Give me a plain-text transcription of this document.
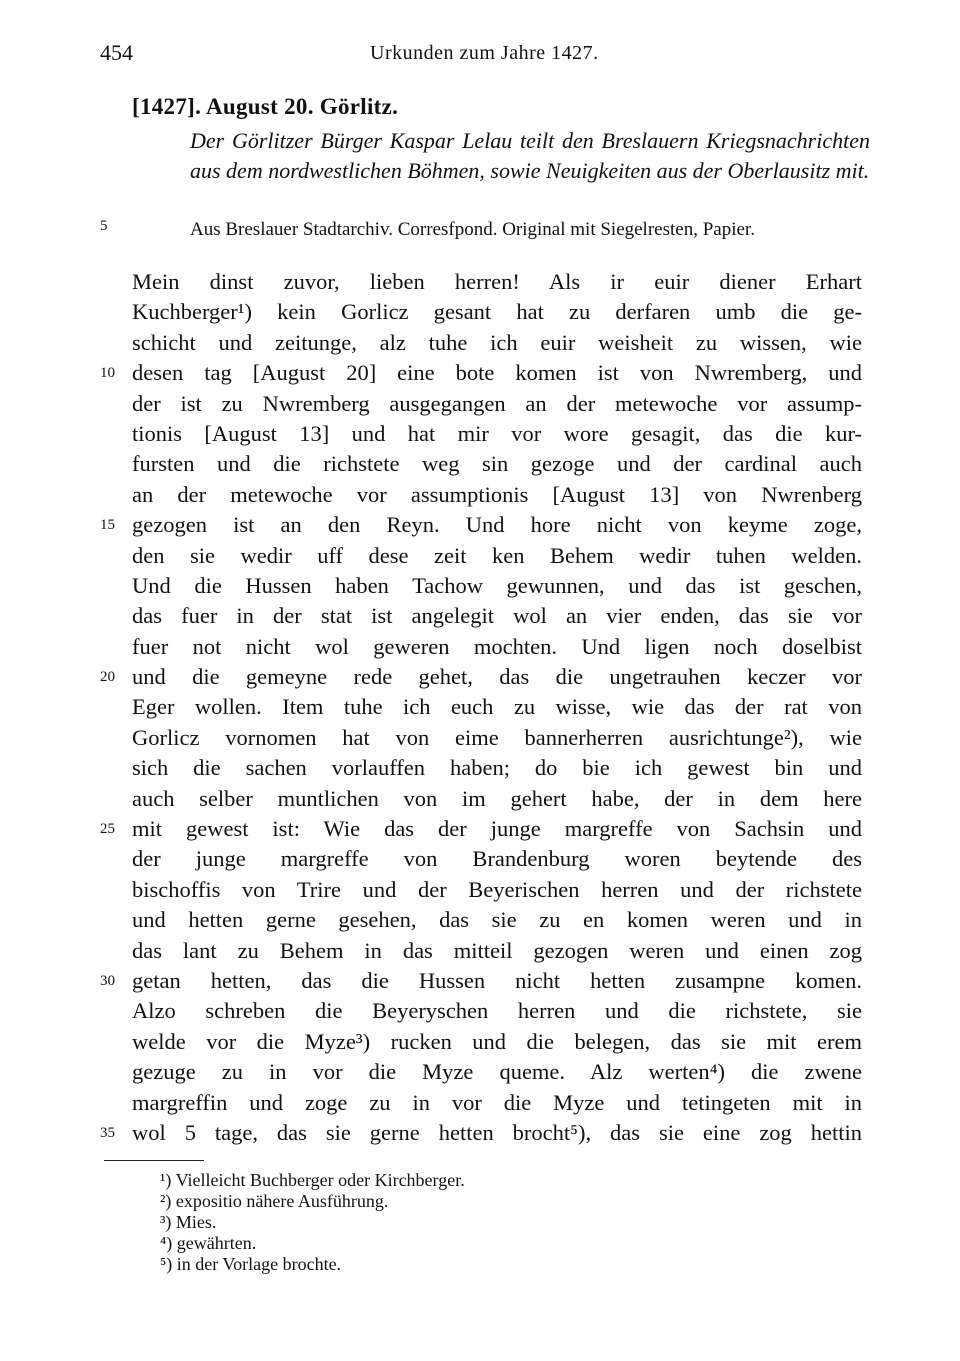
454	Urkunden zum Jahre 1427.
[1427]. August 20. Görlitz.
Der Görlitzer Bürger Kaspar Lelau teilt den Breslauern Kriegsnachrichten aus dem nordwestlichen Böhmen, sowie Neuigkeiten aus der Oberlausitz mit.
Aus Breslauer Stadtarchiv. Corresfpond. Original mit Siegelresten, Papier.
5
10
15
20
25
30
35
Mein dinst zuvor, lieben herren! Als ir euir diener Erhart
Kuchberger¹) kein Gorlicz gesant hat zu derfaren umb die ge-
schicht und zeitunge, alz tuhe ich euir weisheit zu wissen, wie
desen tag [August 20] eine bote komen ist von Nwremberg, und
der ist zu Nwremberg ausgegangen an der metewoche vor assump-
tionis [August 13] und hat mir vor wore gesagit, das die kur-
fursten und die richstete weg sin gezoge und der cardinal auch
an der metewoche vor assumptionis [August 13] von Nwrenberg
gezogen ist an den Reyn. Und hore nicht von keyme zoge,
den sie wedir uff dese zeit ken Behem wedir tuhen welden.
Und die Hussen haben Tachow gewunnen, und das ist geschen,
das fuer in der stat ist angelegit wol an vier enden, das sie vor
fuer not nicht wol geweren mochten. Und ligen noch doselbist
und die gemeyne rede gehet, das die ungetrauhen keczer vor
Eger wollen. Item tuhe ich euch zu wisse, wie das der rat von
Gorlicz vornomen hat von eime bannerherren ausrichtunge²), wie
sich die sachen vorlauffen haben; do bie ich gewest bin und
auch selber muntlichen von im gehert habe, der in dem here
mit gewest ist: Wie das der junge margreffe von Sachsin und
der junge margreffe von Brandenburg woren beytende des
bischoffis von Trire und der Beyerischen herren und der richstete
und hetten gerne gesehen, das sie zu en komen weren und in
das lant zu Behem in das mitteil gezogen weren und einen zog
getan hetten, das die Hussen nicht hetten zusampne komen.
Alzo schreben die Beyeryschen herren und die richstete, sie
welde vor die Myze³) rucken und die belegen, das sie mit erem
gezuge zu in vor die Myze queme. Alz werten⁴) die zwene
margreffin und zoge zu in vor die Myze und tetingeten mit in
wol 5 tage, das sie gerne hetten brocht⁵), das sie eine zog hettin
¹) Vielleicht Buchberger oder Kirchberger.
²) expositio nähere Ausführung.
³) Mies.
⁴) gewährten.
⁵) in der Vorlage brochte.
